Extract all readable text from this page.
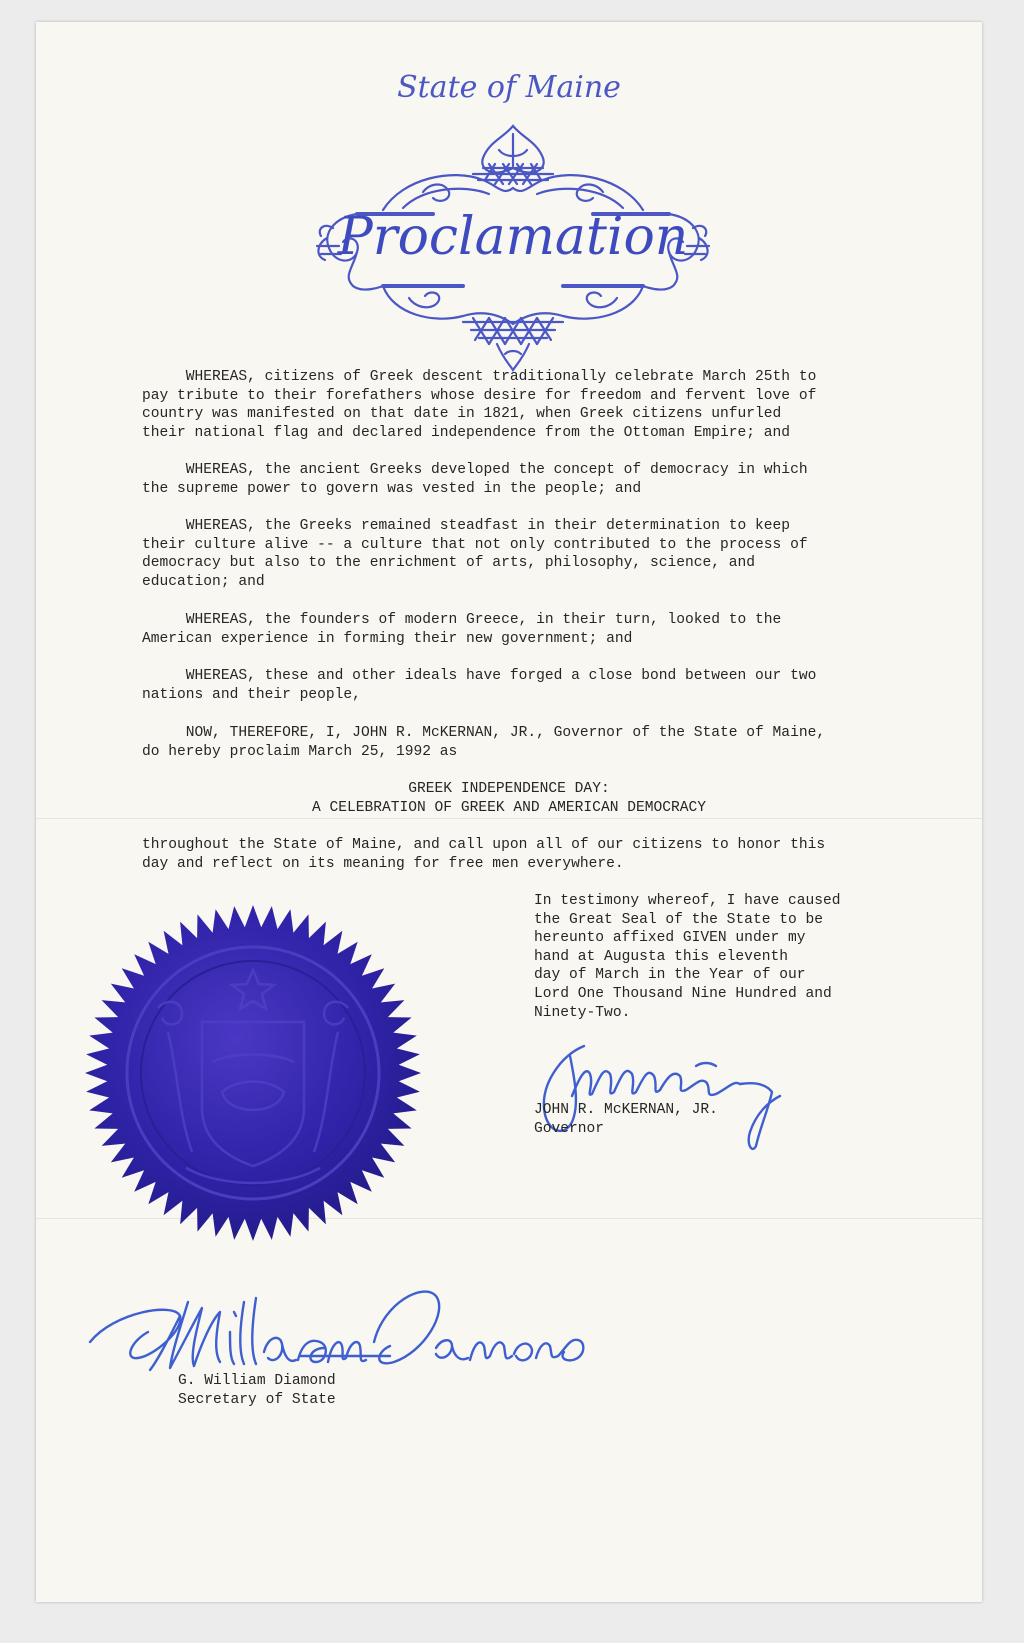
State of Maine
Proclamation

WHEREAS, citizens of Greek descent traditionally celebrate March 25th to
pay tribute to their forefathers whose desire for freedom and fervent love of
country was manifested on that date in 1821, when Greek citizens unfurled
their national flag and declared independence from the Ottoman Empire; and

WHEREAS, the ancient Greeks developed the concept of democracy in which
the supreme power to govern was vested in the people; and

WHEREAS, the Greeks remained steadfast in their determination to keep
their culture alive -- a culture that not only contributed to the process of
democracy but also to the enrichment of arts, philosophy, science, and
education; and

WHEREAS, the founders of modern Greece, in their turn, looked to the
American experience in forming their new government; and

WHEREAS, these and other ideals have forged a close bond between our two
nations and their people,

NOW, THEREFORE, I, JOHN R. McKERNAN, JR., Governor of the State of Maine,
do hereby proclaim March 25, 1992 as

GREEK INDEPENDENCE DAY:
A CELEBRATION OF GREEK AND AMERICAN DEMOCRACY

throughout the State of Maine, and call upon all of our citizens to honor this
day and reflect on its meaning for free men everywhere.

In testimony whereof, I have caused
the Great Seal of the State to be
hereunto affixed GIVEN under my
hand at Augusta this eleventh
day of March in the Year of our
Lord One Thousand Nine Hundred and
Ninety-Two.

JOHN R. McKERNAN, JR.
Governor

G. William Diamond
Secretary of State
